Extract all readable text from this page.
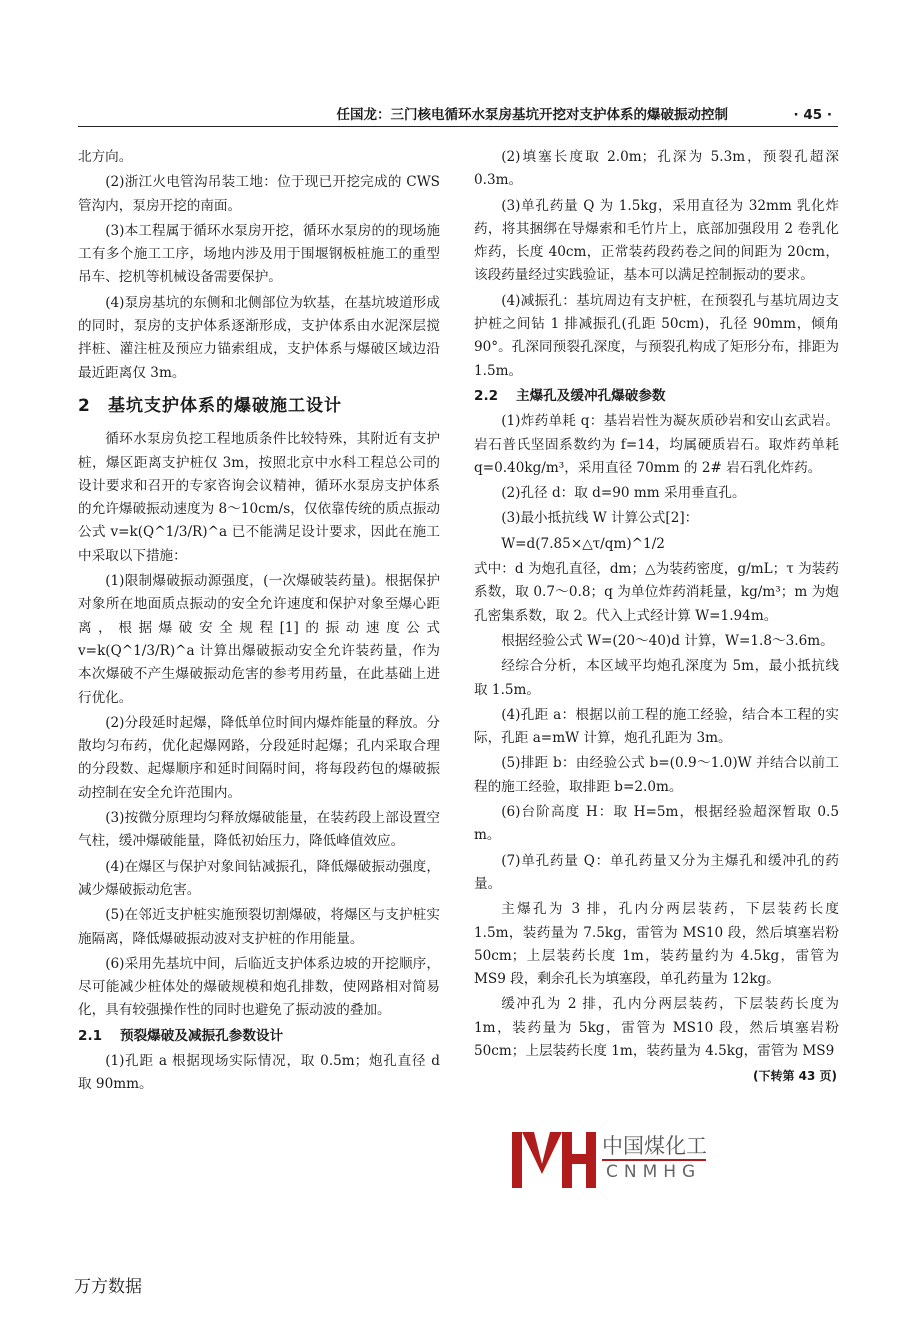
任国龙：三门核电循环水泵房基坑开挖对支护体系的爆破振动控制	· 45 ·

北方向。

(2)浙江火电管沟吊装工地：位于现已开挖完成的 CWS 管沟内，泵房开挖的南面。

(3)本工程属于循环水泵房开挖，循环水泵房的的现场施工有多个施工工序，场地内涉及用于围堰钢板桩施工的重型吊车、挖机等机械设备需要保护。

(4)泵房基坑的东侧和北侧部位为软基，在基坑坡道形成的同时，泵房的支护体系逐渐形成，支护体系由水泥深层搅拌桩、灌注桩及预应力锚索组成，支护体系与爆破区域边沿最近距离仅 3m。

2 基坑支护体系的爆破施工设计

循环水泵房负挖工程地质条件比较特殊，其附近有支护桩，爆区距离支护桩仅 3m，按照北京中水科工程总公司的设计要求和召开的专家咨询会议精神，循环水泵房支护体系的允许爆破振动速度为 8～10cm/s，仅依靠传统的质点振动公式 v=k(Q^1/3/R)^a 已不能满足设计要求，因此在施工中采取以下措施：

(1)限制爆破振动源强度，(一次爆破装药量)。根据保护对象所在地面质点振动的安全允许速度和保护对象至爆心距离，根据爆破安全规程[1]的振动速度公式 v=k(Q^1/3/R)^a 计算出爆破振动安全允许装药量，作为本次爆破不产生爆破振动危害的参考用药量，在此基础上进行优化。

(2)分段延时起爆，降低单位时间内爆炸能量的释放。分散均匀布药，优化起爆网路，分段延时起爆；孔内采取合理的分段数、起爆顺序和延时间隔时间，将每段药包的爆破振动控制在安全允许范围内。

(3)按微分原理均匀释放爆破能量，在装药段上部设置空气柱，缓冲爆破能量，降低初始压力，降低峰值效应。

(4)在爆区与保护对象间钻减振孔，降低爆破振动强度，减少爆破振动危害。

(5)在邻近支护桩实施预裂切割爆破，将爆区与支护桩实施隔离，降低爆破振动波对支护桩的作用能量。

(6)采用先基坑中间，后临近支护体系边坡的开挖顺序，尽可能减少桩体处的爆破规模和炮孔排数，使网路相对简易化，具有较强操作性的同时也避免了振动波的叠加。

2.1 预裂爆破及减振孔参数设计

(1)孔距 a 根据现场实际情况，取 0.5m；炮孔直径 d 取 90mm。

(2)填塞长度取 2.0m；孔深为 5.3m，预裂孔超深 0.3m。

(3)单孔药量 Q 为 1.5kg，采用直径为 32mm 乳化炸药，将其捆绑在导爆索和毛竹片上，底部加强段用 2 卷乳化炸药，长度 40cm，正常装药段药卷之间的间距为 20cm，该段药量经过实践验证，基本可以满足控制振动的要求。

(4)减振孔：基坑周边有支护桩，在预裂孔与基坑周边支护桩之间钻 1 排减振孔(孔距 50cm)，孔径 90mm，倾角 90°。孔深同预裂孔深度，与预裂孔构成了矩形分布，排距为 1.5m。

2.2 主爆孔及缓冲孔爆破参数

(1)炸药单耗 q：基岩岩性为凝灰质砂岩和安山玄武岩。岩石普氏坚固系数约为 f=14，均属硬质岩石。取炸药单耗 q=0.40kg/m³，采用直径 70mm 的 2# 岩石乳化炸药。

(2)孔径 d：取 d=90 mm 采用垂直孔。

(3)最小抵抗线 W 计算公式[2]：

W=d(7.85×△τ/qm)^1/2

式中：d 为炮孔直径，dm；△为装药密度，g/mL；τ 为装药系数，取 0.7～0.8；q 为单位炸药消耗量，kg/m³；m 为炮孔密集系数，取 2。代入上式经计算 W=1.94m。

根据经验公式 W=(20～40)d 计算，W=1.8～3.6m。

经综合分析，本区域平均炮孔深度为 5m，最小抵抗线取 1.5m。

(4)孔距 a：根据以前工程的施工经验，结合本工程的实际，孔距 a=mW 计算，炮孔孔距为 3m。

(5)排距 b：由经验公式 b=(0.9～1.0)W 并结合以前工程的施工经验，取排距 b=2.0m。

(6)台阶高度 H：取 H=5m，根据经验超深暂取 0.5 m。

(7)单孔药量 Q：单孔药量又分为主爆孔和缓冲孔的药量。

主爆孔为 3 排，孔内分两层装药，下层装药长度 1.5m，装药量为 7.5kg，雷管为 MS10 段，然后填塞岩粉 50cm；上层装药长度 1m，装药量约为 4.5kg，雷管为 MS9 段，剩余孔长为填塞段，单孔药量为 12kg。

缓冲孔为 2 排，孔内分两层装药，下层装药长度为 1m，装药量为 5kg，雷管为 MS10 段，然后填塞岩粉 50cm；上层装药长度 1m，装药量为 4.5kg，雷管为 MS9

(下转第 43 页)

中国煤化工
CNMHG
万方数据
